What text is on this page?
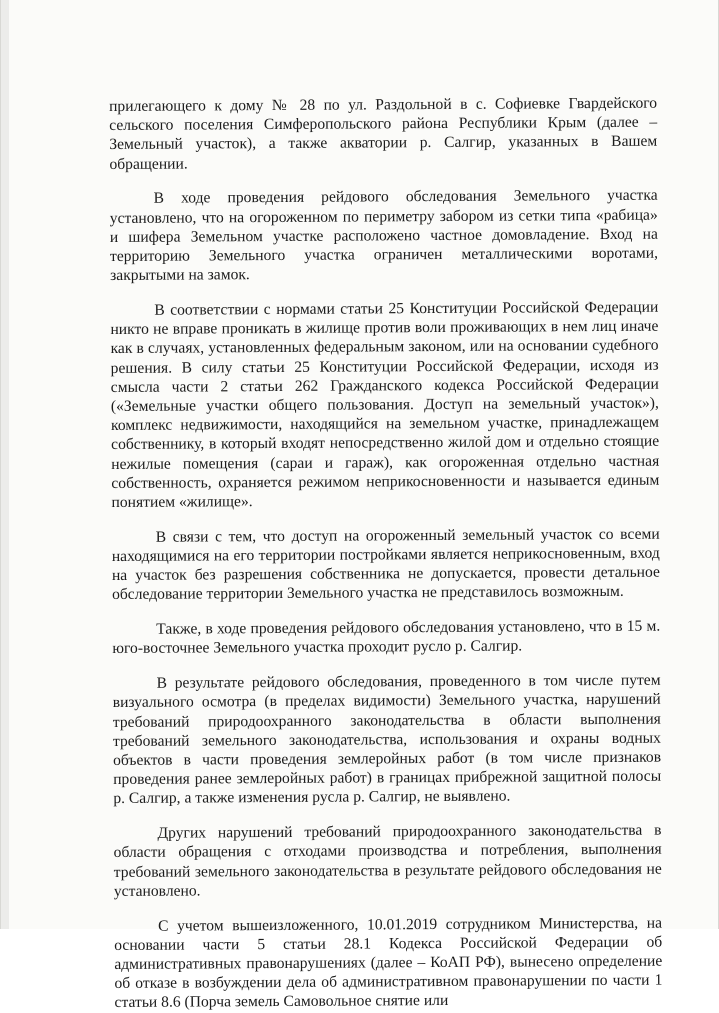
прилегающего к дому № 28 по ул. Раздольной в с. Софиевке Гвардейского сельского поселения Симферопольского района Республики Крым (далее – Земельный участок), а также акватории р. Салгир, указанных в Вашем обращении.

В ходе проведения рейдового обследования Земельного участка установлено, что на огороженном по периметру забором из сетки типа «рабица» и шифера Земельном участке расположено частное домовладение. Вход на территорию Земельного участка ограничен металлическими воротами, закрытыми на замок.

В соответствии с нормами статьи 25 Конституции Российской Федерации никто не вправе проникать в жилище против воли проживающих в нем лиц иначе как в случаях, установленных федеральным законом, или на основании судебного решения. В силу статьи 25 Конституции Российской Федерации, исходя из смысла части 2 статьи 262 Гражданского кодекса Российской Федерации («Земельные участки общего пользования. Доступ на земельный участок»), комплекс недвижимости, находящийся на земельном участке, принадлежащем собственнику, в который входят непосредственно жилой дом и отдельно стоящие нежилые помещения (сараи и гараж), как огороженная отдельно частная собственность, охраняется режимом неприкосновенности и называется единым понятием «жилище».

В связи с тем, что доступ на огороженный земельный участок со всеми находящимися на его территории постройками является неприкосновенным, вход на участок без разрешения собственника не допускается, провести детальное обследование территории Земельного участка не представилось возможным.

Также, в ходе проведения рейдового обследования установлено, что в 15 м. юго-восточнее Земельного участка проходит русло р. Салгир.

В результате рейдового обследования, проведенного в том числе путем визуального осмотра (в пределах видимости) Земельного участка, нарушений требований природоохранного законодательства в области выполнения требований земельного законодательства, использования и охраны водных объектов в части проведения землеройных работ (в том числе признаков проведения ранее землеройных работ) в границах прибрежной защитной полосы р. Салгир, а также изменения русла р. Салгир, не выявлено.

Других нарушений требований природоохранного законодательства в области обращения с отходами производства и потребления, выполнения требований земельного законодательства в результате рейдового обследования не установлено.

С учетом вышеизложенного, 10.01.2019 сотрудником Министерства, на основании части 5 статьи 28.1 Кодекса Российской Федерации об административных правонарушениях (далее – КоАП РФ), вынесено определение об отказе в возбуждении дела об административном правонарушении по части 1 статьи 8.6 (Порча земель Самовольное снятие или
